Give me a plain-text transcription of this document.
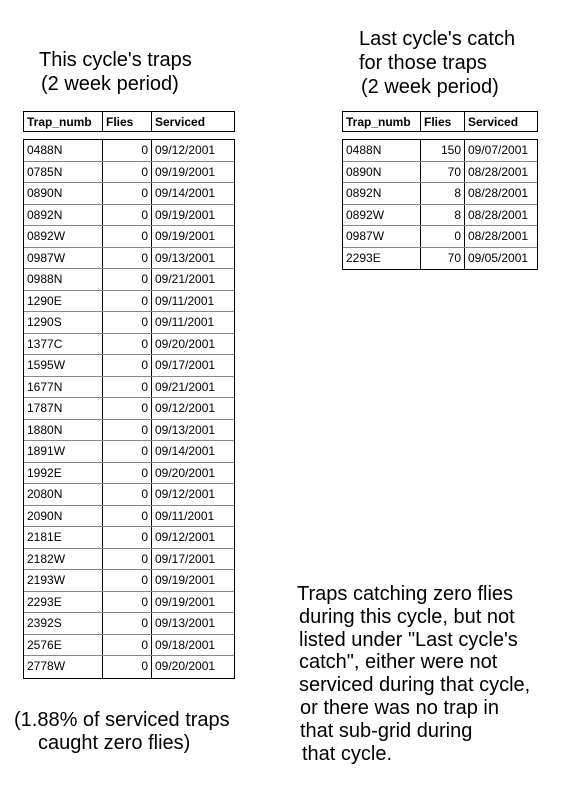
This cycle's traps
(2 week period)
Last cycle's catch
for those traps
(2 week period)
Trap_numb	Flies	Serviced
0488N	0 09/12/2001
0785N	0 09/19/2001
0890N	0 09/14/2001
0892N	0 09/19/2001
0892W	0 09/19/2001
0987W	0 09/13/2001
0988N	0 09/21/2001
1290E	0 09/11/2001
1290S	0 09/11/2001
1377C	0 09/20/2001
1595W	0 09/17/2001
1677N	0 09/21/2001
1787N	0 09/12/2001
1880N	0 09/13/2001
1891W	0 09/14/2001
1992E	0 09/20/2001
2080N	0 09/12/2001
2090N	0 09/11/2001
2181E	0 09/12/2001
2182W	0 09/17/2001
2193W	0 09/19/2001
2293E	0 09/19/2001
2392S	0 09/13/2001
2576E	0 09/18/2001
2778W	0 09/20/2001
Trap_numb	Flies	Serviced
0488N	150 09/07/2001
0890N	70 08/28/2001
0892N	8 08/28/2001
0892W	8 08/28/2001
0987W	0 08/28/2001
2293E	70 09/05/2001

(1.88% of serviced traps
caught zero flies)

Traps catching zero flies
during this cycle, but not
listed under "Last cycle's
catch", either were not
serviced during that cycle,
or there was no trap in
that sub-grid during
that cycle.
